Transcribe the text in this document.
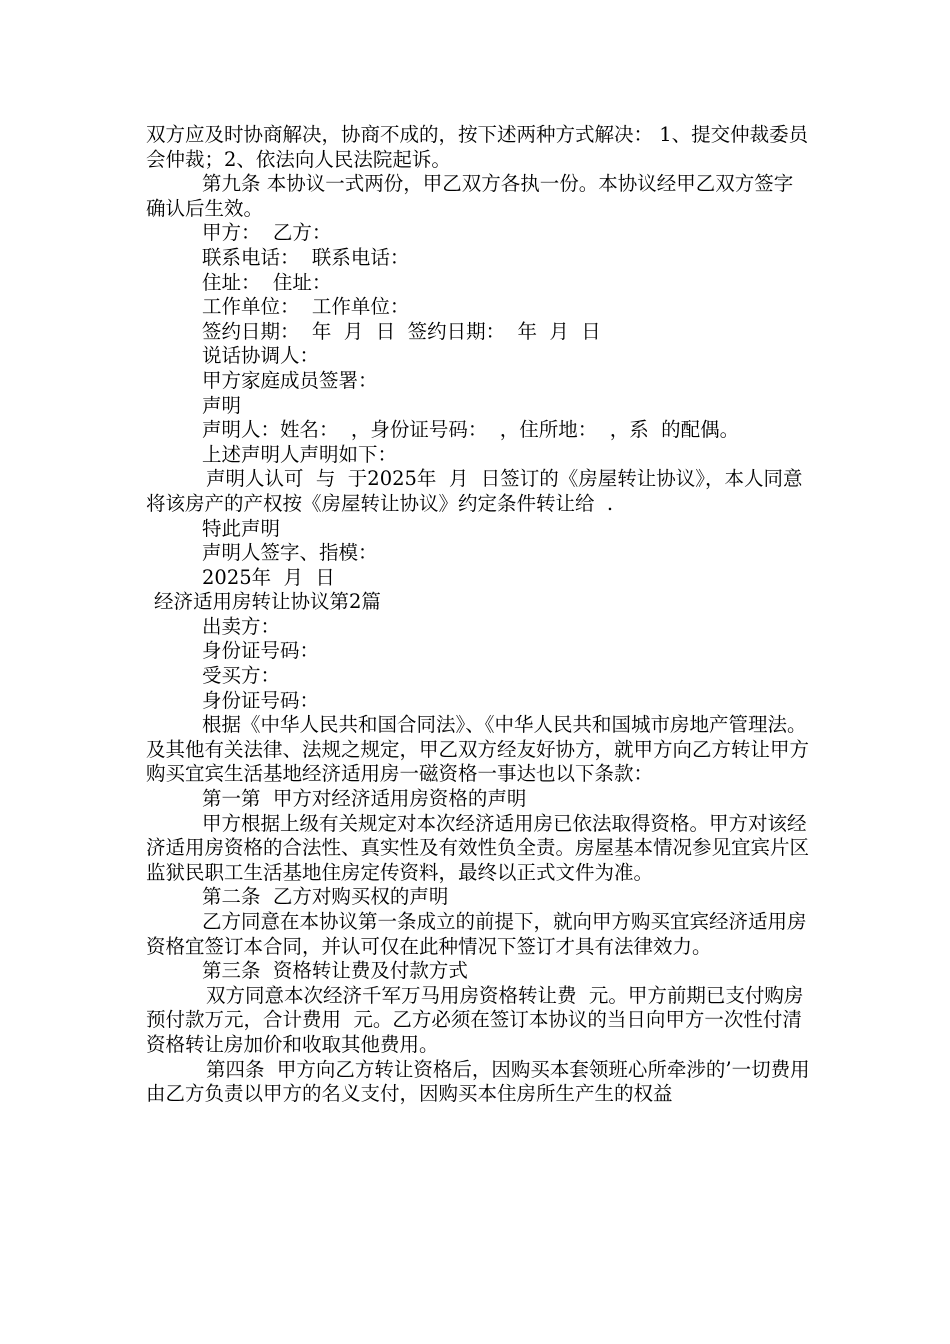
双方应及时协商解决，协商不成的，按下述两种方式解决： 1、提交仲裁委员会仲裁；2、依法向人民法院起诉。

第九条 本协议一式两份，甲乙双方各执一份。本协议经甲乙双方签字确认后生效。

甲方：  乙方：

联系电话：  联系电话：

住址：  住址：

工作单位：  工作单位：

签约日期：  年  月  日  签约日期：  年  月  日

说话协调人：

甲方家庭成员签署：

声明

声明人：姓名：  ，身份证号码：  ，住所地：  ，系  的配偶。

上述声明人声明如下：

声明人认可  与  于2025年  月  日签订的《房屋转让协议》，本人同意将该房产的产权按《房屋转让协议》约定条件转让给  .

特此声明

声明人签字、指模：

2025年  月  日

经济适用房转让协议第2篇

出卖方：

身份证号码：

受买方：

身份证号码：

根据《中华人民共和国合同法》、《中华人民共和国城市房地产管理法。及其他有关法律、法规之规定，甲乙双方经友好协方，就甲方向乙方转让甲方购买宜宾生活基地经济适用房一磁资格一事达也以下条款：

第一第  甲方对经济适用房资格的声明

甲方根据上级有关规定对本次经济适用房已依法取得资格。甲方对该经济适用房资格的合法性、真实性及有效性负全责。房屋基本情况参见宜宾片区监狱民职工生活基地住房定传资料，最终以正式文件为准。

第二条  乙方对购买权的声明

乙方同意在本协议第一条成立的前提下，就向甲方购买宜宾经济适用房资格宜签订本合同，并认可仅在此种情况下签订才具有法律效力。

第三条  资格转让费及付款方式

双方同意本次经济千军万马用房资格转让费  元。甲方前期已支付购房预付款万元，合计费用  元。乙方必须在签订本协议的当日向甲方一次性付清资格转让房加价和收取其他费用。

第四条  甲方向乙方转让资格后，因购买本套领班心所牵涉的’一切费用由乙方负责以甲方的名义支付，因购买本住房所生产生的权益
